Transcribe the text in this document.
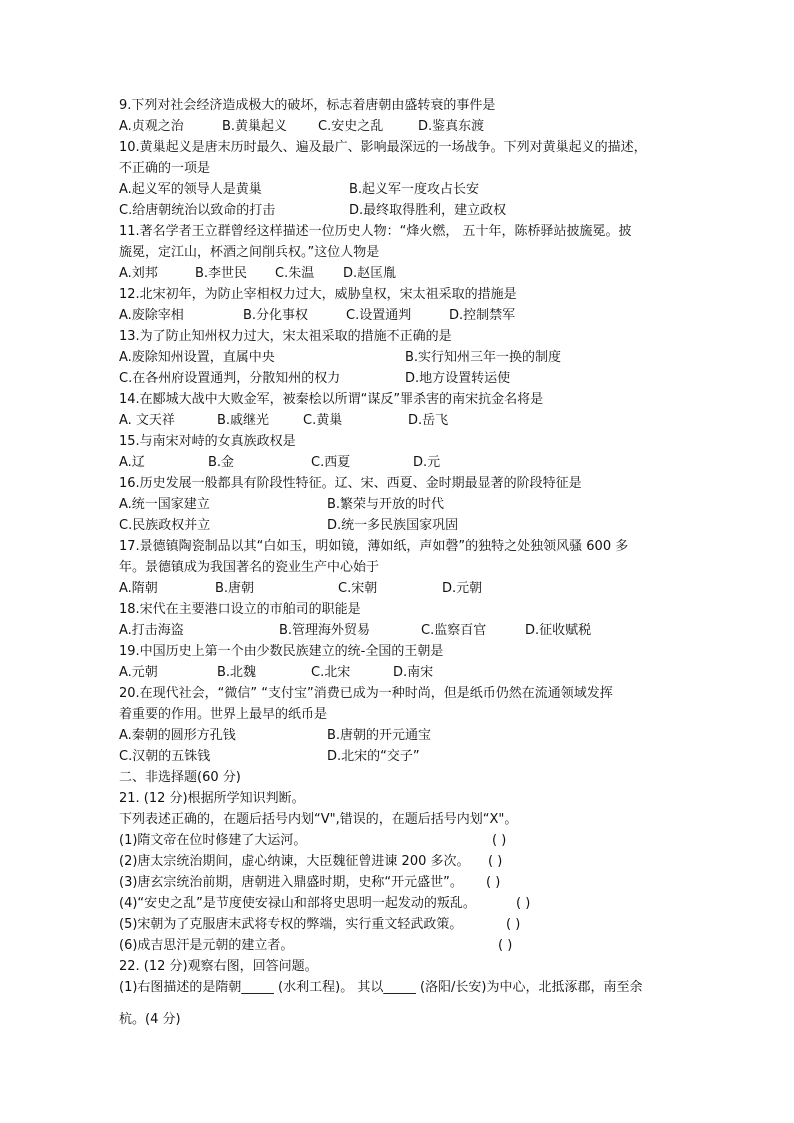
9.下列对社会经济造成极大的破坏，标志着唐朝由盛转衰的事件是
A.贞观之治	B.黄巢起义 C.安史之乱	D.鉴真东渡
10.黄巢起义是唐末历时最久、遍及最广、影响最深远的一场战争。下列对黄巢起义的描述，
不正确的一项是
A.起义军的领导人是黄巢	B.起义军一度攻占长安
C.给唐朝统治以致命的打击	D.最终取得胜利，建立政权
11.著名学者王立群曾经这样描述一位历史人物：“烽火燃， 五十年，陈桥驿站披旒冕。披
旒冕，定江山，杯酒之间削兵权。”这位人物是
A.刘邦	B.李世民 C.朱温 D.赵匡胤
12.北宋初年，为防止宰相权力过大，威胁皇权，宋太祖采取的措施是
A.废除宰相	B.分化事权	C.设置通判	D.控制禁军
13.为了防止知州权力过大，宋太祖采取的措施不正确的是
A.废除知州设置，直属中央	B.实行知州三年一换的制度
C.在各州府设置通判，分散知州的权力	D.地方设置转运使
14.在郾城大战中大败金军，被秦桧以所谓“谋反”罪杀害的南宋抗金名将是
A. 文天祥	B.戚继光	C.黄巢	D.岳飞
15.与南宋对峙的女真族政权是
A.辽	B.金	C.西夏	D.元
16.历史发展一般都具有阶段性特征。辽、宋、西夏、金时期最显著的阶段特征是
A.统一国家建立	B.繁荣与开放的时代
C.民族政权并立	D.统一多民族国家巩固
17.景德镇陶瓷制品以其“白如玉，明如镜，薄如纸，声如磬”的独特之处独领风骚 600 多
年。景德镇成为我国著名的瓷业生产中心始于
A.隋朝	B.唐朝	C.宋朝	D.元朝
18.宋代在主要港口设立的市舶司的职能是
A.打击海盗	B.管理海外贸易	C.监察百官	D.征收赋税
19.中国历史上第一个由少数民族建立的统-全国的王朝是
A.元朝	B.北魏	C.北宋	D.南宋
20.在现代社会，“微信” “支付宝”消费已成为一种时尚，但是纸币仍然在流通领域发挥
着重要的作用。世界上最早的纸币是
A.秦朝的圆形方孔钱	B.唐朝的开元通宝
C.汉朝的五铢钱	D.北宋的“交子”
二、非选择题(60 分)
21. (12 分)根据所学知识判断。
下列表述正确的，在题后括号内划“V",错误的，在题后括号内划“X"。
(1)隋文帝在位时修建了大运河。	( )
(2)唐太宗统治期间，虚心纳谏，大臣魏征曾进谏 200 多次。 ( )
(3)唐玄宗统治前期，唐朝进入鼎盛时期，史称“开元盛世”。 ( )
(4)“安史之乱”是节度使安禄山和部将史思明一起发动的叛乱。	( )
(5)宋朝为了克服唐末武将专权的弊端，实行重文轻武政策。	( )
(6)成吉思汗是元朝的建立者。	( )
22. (12 分)观察右图，回答问题。
(1)右图描述的是隋朝_____ (水利工程)。 其以_____ (洛阳/长安)为中心，北抵涿郡，南至余
杭。(4 分)
